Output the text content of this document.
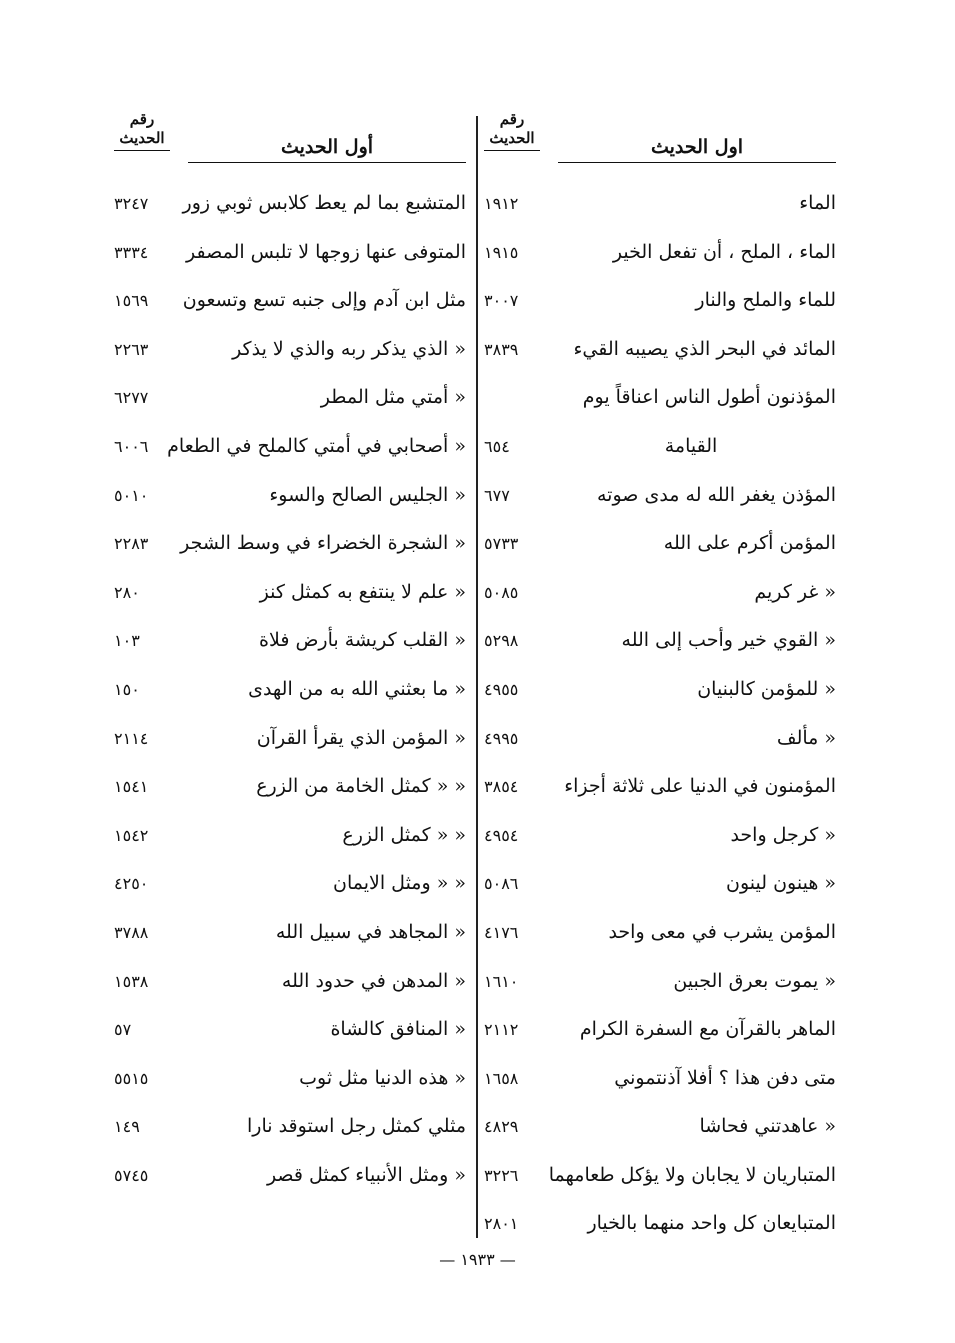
رقم
الحديث	اول الحديث
الماء
١٩١٢
الماء ، الملح ، أن تفعل الخير
١٩١٥
للماء والملح والنار
٣٠٠٧
المائد في البحر الذي يصيبه القيء
٣٨٣٩
المؤذنون أطول الناس اعناقاً يوم
القيامة
٦٥٤
المؤذن يغفر الله له مدى صوته
٦٧٧
المؤمن أكرم على الله
٥٧٣٣
« غر كريم
٥٠٨٥
« القوي خير وأحب إلى الله
٥٢٩٨
« للمؤمن كالبنيان
٤٩٥٥
« مألف
٤٩٩٥
المؤمنون في الدنيا على ثلاثة أجزاء
٣٨٥٤
« كرجل واحد
٤٩٥٤
« هينون لينون
٥٠٨٦
المؤمن يشرب في معى واحد
٤١٧٦
« يموت بعرق الجبين
١٦١٠
الماهر بالقرآن مع السفرة الكرام
٢١١٢
متى دفن هذا ؟ أفلا آذنتموني
١٦٥٨
« عاهدتني فحاشا
٤٨٢٩
المتباريان لا يجابان ولا يؤكل طعامهما
٣٢٢٦
المتبايعان كل واحد منهما بالخيار
٢٨٠١
رقم
الحديث	أول الحديث
المتشبع بما لم يعط كلابس ثوبي زور
٣٢٤٧
المتوفى عنها زوجها لا تلبس المصفر
٣٣٣٤
مثل ابن آدم وإلى جنبه تسع وتسعون
١٥٦٩
« الذي يذكر ربه والذي لا يذكر
٢٢٦٣
« أمتي مثل المطر
٦٢٧٧
« أصحابي في أمتي كالملح في الطعام
٦٠٠٦
« الجليس الصالح والسوء
٥٠١٠
« الشجرة الخضراء في وسط الشجر
٢٢٨٣
« علم لا ينتفع به كمثل كنز
٢٨٠
« القلب كريشة بأرض فلاة
١٠٣
« ما بعثني الله به من الهدى
١٥٠
« المؤمن الذي يقرأ القرآن
٢١١٤
« « كمثل الخامة من الزرع
١٥٤١
« « كمثل الزرع
١٥٤٢
« « ومثل الايمان
٤٢٥٠
« المجاهد في سبيل الله
٣٧٨٨
« المدهن في حدود الله
١٥٣٨
« المنافق كالشاة
٥٧
« هذه الدنيا مثل ثوب
٥٥١٥
مثلي كمثل رجل استوقد نارا
١٤٩
« ومثل الأنبياء كمثل قصر
٥٧٤٥
— ١٩٣٣ —
